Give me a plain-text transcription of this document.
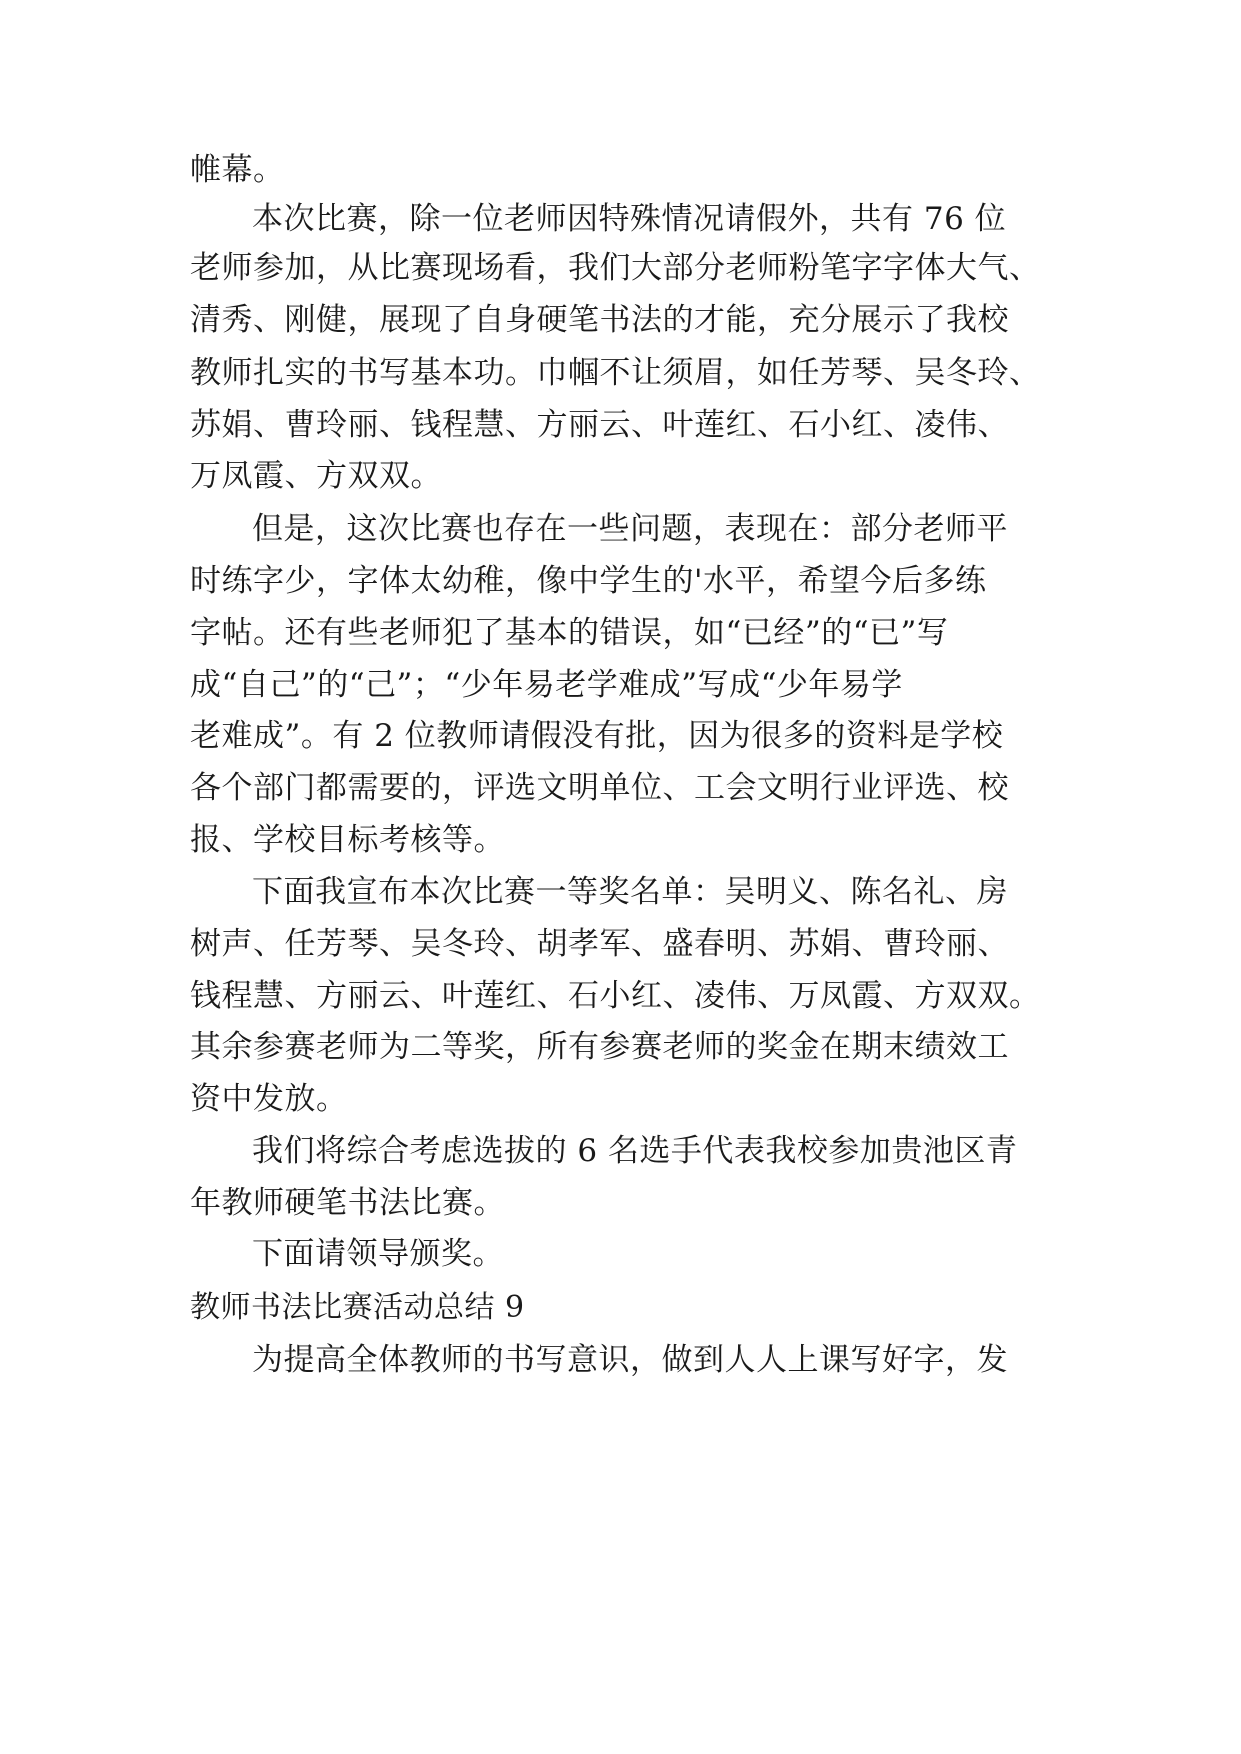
帷幕。
本次比赛，除一位老师因特殊情况请假外，共有 76 位
老师参加，从比赛现场看，我们大部分老师粉笔字字体大气、
清秀、刚健，展现了自身硬笔书法的才能，充分展示了我校
教师扎实的书写基本功。巾帼不让须眉，如任芳琴、吴冬玲、
苏娟、曹玲丽、钱程慧、方丽云、叶莲红、石小红、凌伟、
万凤霞、方双双。
但是，这次比赛也存在一些问题，表现在：部分老师平
时练字少，字体太幼稚，像中学生的'水平，希望今后多练
字帖。还有些老师犯了基本的错误，如“已经”的“已”写
成“自己”的“己”；“少年易老学难成”写成“少年易学
老难成”。有 2 位教师请假没有批，因为很多的资料是学校
各个部门都需要的，评选文明单位、工会文明行业评选、校
报、学校目标考核等。
下面我宣布本次比赛一等奖名单：吴明义、陈名礼、房
树声、任芳琴、吴冬玲、胡孝军、盛春明、苏娟、曹玲丽、
钱程慧、方丽云、叶莲红、石小红、凌伟、万凤霞、方双双。
其余参赛老师为二等奖，所有参赛老师的奖金在期末绩效工
资中发放。
我们将综合考虑选拔的 6 名选手代表我校参加贵池区青
年教师硬笔书法比赛。
下面请领导颁奖。
教师书法比赛活动总结 9
为提高全体教师的书写意识，做到人人上课写好字，发
